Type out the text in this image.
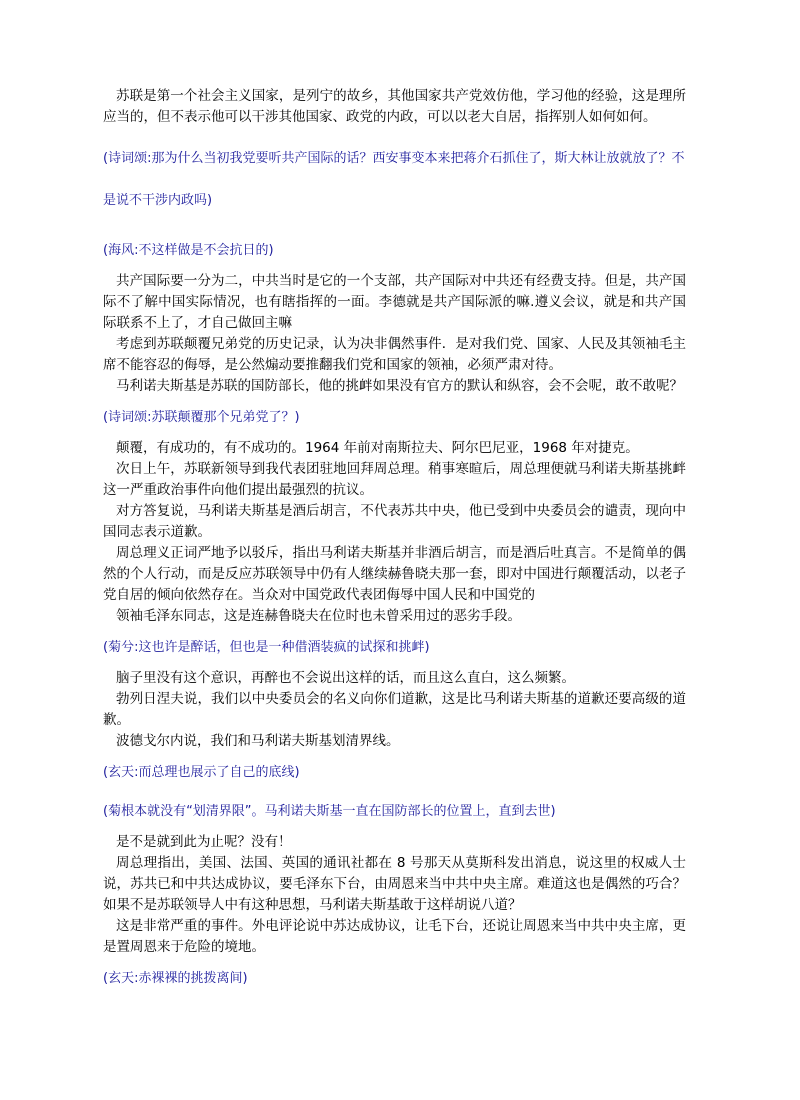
苏联是第一个社会主义国家，是列宁的故乡，其他国家共产党效仿他，学习他的经验，这是理所应当的，但不表示他可以干涉其他国家、政党的内政，可以以老大自居，指挥别人如何如何。

(诗词颂:那为什么当初我党要听共产国际的话？西安事变本来把蒋介石抓住了，斯大林让放就放了？不是说不干涉内政吗)

(海风:不这样做是不会抗日的)

共产国际要一分为二，中共当时是它的一个支部，共产国际对中共还有经费支持。但是，共产国际不了解中国实际情况，也有瞎指挥的一面。李德就是共产国际派的嘛.遵义会议，就是和共产国际联系不上了，才自己做回主嘛

考虑到苏联颠覆兄弟党的历史记录，认为决非偶然事件．是对我们党、国家、人民及其领袖毛主席不能容忍的侮辱，是公然煽动要推翻我们党和国家的领袖，必须严肃对待。

马利诺夫斯基是苏联的国防部长，他的挑衅如果没有官方的默认和纵容，会不会呢，敢不敢呢？

(诗词颂:苏联颠覆那个兄弟党了？)

颠覆，有成功的，有不成功的。1964 年前对南斯拉夫、阿尔巴尼亚，1968 年对捷克。

次日上午，苏联新领导到我代表团驻地回拜周总理。稍事寒暄后，周总理便就马利诺夫斯基挑衅这一严重政治事件向他们提出最强烈的抗议。

对方答复说，马利诺夫斯基是酒后胡言，不代表苏共中央，他已受到中央委员会的谴责，现向中国同志表示道歉。

周总理义正词严地予以驳斥，指出马利诺夫斯基并非酒后胡言，而是酒后吐真言。不是简单的偶然的个人行动，而是反应苏联领导中仍有人继续赫鲁晓夫那一套，即对中国进行颠覆活动，以老子党自居的倾向依然存在。当众对中国党政代表团侮辱中国人民和中国党的

领袖毛泽东同志，这是连赫鲁晓夫在位时也未曾采用过的恶劣手段。

(菊兮:这也许是醉话，但也是一种借酒装疯的试探和挑衅)

脑子里没有这个意识，再醉也不会说出这样的话，而且这么直白，这么频繁。

勃列日涅夫说，我们以中央委员会的名义向你们道歉，这是比马利诺夫斯基的道歉还要高级的道歉。

波德戈尔内说，我们和马利诺夫斯基划清界线。

(玄天:而总理也展示了自己的底线)

(菊根本就没有“划清界限”。马利诺夫斯基一直在国防部长的位置上，直到去世)

是不是就到此为止呢？没有！

周总理指出，美国、法国、英国的通讯社都在 8 号那天从莫斯科发出消息，说这里的权威人士说，苏共已和中共达成协议，要毛泽东下台，由周恩来当中共中央主席。难道这也是偶然的巧合？如果不是苏联领导人中有这种思想，马利诺夫斯基敢于这样胡说八道？

这是非常严重的事件。外电评论说中苏达成协议，让毛下台，还说让周恩来当中共中央主席，更是置周恩来于危险的境地。

(玄天:赤裸裸的挑拨离间)
